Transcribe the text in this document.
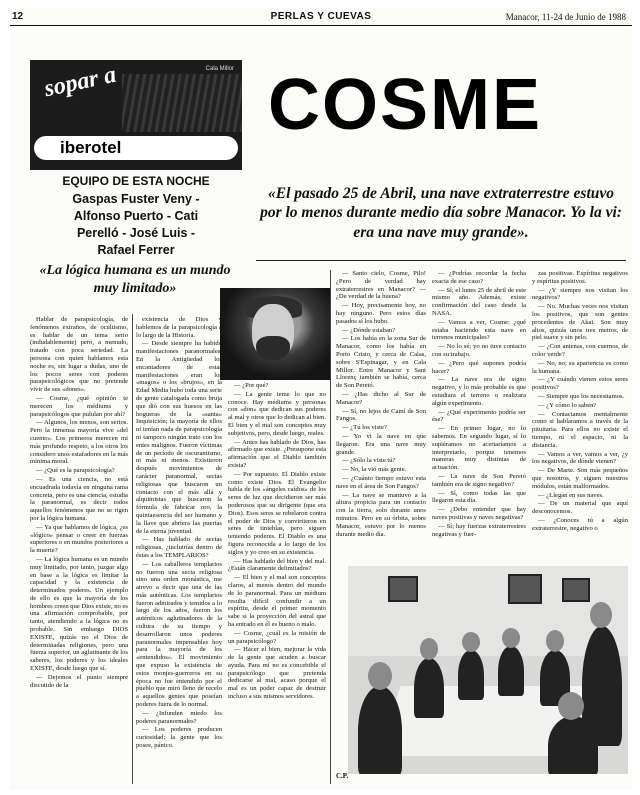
12	PERLAS Y CUEVAS	Manacor, 11-24 de Junio de 1988
Cala Millor
sopar a
iberotel
COSME
EQUIPO DE ESTA NOCHE
Gaspas Fuster Veny -
Alfonso Puerto - Cati
Perelló - José Luis -
Rafael Ferrer
«El pasado 25 de Abril, una nave extraterrestre estuvo por lo menos durante medio día sobre Manacor. Yo la vi: era una nave muy grande».
«La lógica humana es un mundo muy limitado»

Hablar de parapsicología, de fenómenos extraños, de ocultismo, es hablar de un tema serio (indudablemente) pero, a menudo, tratado con poca seriedad. La persona con quien hablamos esta noche es, sin lugar a dudas, uno de los pocos seres con poderes parapsicológicos que no pretende vivir de sus «dones».

— Cosme, ¿qué opinión te merecen los médiums y parapsicólogos que pululan por ahí?

— Algunos, los menos, son serios. Pero la inmensa mayoría vive «del cuento». Los primeros merecen mi más profundo respeto, a los otros los considero unos estafadores en la más mínima moral.

— ¿Qué es la parapsicología?

— Es una ciencia, no está encuadrada todavía en ninguna rama concreta, pero es una ciencia, estudia la paranormal, es decir todos aquellos fenómenos que no se rigen por la lógica humana.

— Ya que hablamos de lógica, ¿es «lógico» pensar o creer en fuerzas superiores o en mundos posteriores a la muerte?

— La lógica humana es un mundo muy limitado, por tanto, juzgar algo en base a la lógica es limitar la capacidad y la existencia de determinados poderes. Un ejemplo de ello es que la mayoría de los hombres creen que Dios existe, no es una afirmación comprobable, por tanto, atendiendo a la lógica no es probable. Sin embargo DIOS EXISTE, quizás no el Dios de determinadas religiones, pero una fuerza superior, un aglutinante de los saberes, los poderes y los ideales EXISTE, desde luego que sí.

— Dejemos el punto siempre discutido de la

existencia de Dios y hablemos de la parapsicología a lo largo de la Historia.

— Desde siempre ha habido manifestaciones paranormales. En la Antigüedad los encantadores de estas manifestaciones eran los «magos» o los «brujos», en la Edad Media hubo toda una serie de gente catalogada como bruja que dió con sus huesos en las hogueras de la «santa» Inquisición; la mayoría de ellos ni tenían nada de parapsicología ni tampoco ningún trato con los entes malignos. Fueron víctimas de un período de oscurantismo, ni más ni menos. Existieron después movimientos de carácter paranormal, sectas religiosas que buscaron un contacto con el más allá y alquimistas que buscaron la fórmula de fabricar oro, la quintaesencia del ser humano y la llave que abriera las puertas de la eterna juventud.

— Has hablado de sectas religiosas, ¿incluirías dentro de éstas a los TEMPLARIOS?

— Los caballeros templarios no fueron una secta religiosa sino una orden monástica, me atrevo a decir que una de las más auténticas. Los templarios fueron admirados y temidos a lo largo de los años, fueron los auténticos aglutinadores de la cultura de su tiempo y desarrollaron unos poderes paranormales impensables hoy para la mayoría de los «entendidos». El movimiento que expuso la existencia de estos monjes-guerreros en su época no fue entendido por el pueblo que miró lleno de recelo a aquellos gentes que poseían poderes fuera de lo normal.

— ¿Infunden miedo los poderes paranormales?

— Los poderes producen curiosidad; la gente que los posee, pánico.

— ¿Por qué?

— La gente teme lo que no conoce. Hay médiums y personas con «don» que dedican sus poderes al mal y otros que lo dedican al bien. El bien y el mal son conceptos muy subjetivos, pero, desde luego, reales.

— Antes has hablado de Dios, has afirmado que existe. ¿Presupone esta afirmación que el Diablo también exista?

— Por supuesto. El Diablo existe como existe Dios. El Evangelio habla de los «ángeles caídos» de los seres de luz que decidieron ser más poderosos que su dirigente (que era Dios). Esos seres se rebelaron contra el poder de Dios y convirtieron en seres de tinieblas, pero siguen teniendo poderes. El Diablo es una figura reconocida a lo largo de los siglos y yo creo en su existencia.

— Has hablado del bien y del mal. ¿Están claramente delimitados?

— El bien y el mal son conceptos claros, al menos dentro del mundo de lo paranormal. Para un médium resulta difícil confundir a un espíritu, desde el primer momento sabe si la proyección del astral que ha entrado en él es bueno o malo.

— Cosme, ¿cuál es la misión de un parapsicólogo?

— Hacer el bien, mejorar la vida de la gente que acuden a buscar ayuda. Para mí no es concebible el parapsicólogo que pretenda dedicarse al mal, acaso porque el mal es un poder capaz de destruir incluso a sus mismos servidores.

— Santo cielo, Cosme, Pilo! ¿Pero de verdad hay extraterrestres en Manacor? — ¿De verdad de la buena?

— Hoy, precisamente hoy, no hay ninguno. Pero estos días pasados sí los hubo.

— ¿Dónde estaban?

— Los había en la zona Sur de Manacor, como los había en Porto Cristo, y cerca de Calas, sobre S'Espinagar, y en Cala Millor. Entre Manacor y Sant Llorenç también se había, cerca de Son Peretó.

— ¿Has dicho al Sur de Manacor?

— Sí, no lejos de Camí de Son Fangos.

— ¿Tú los viste?

— Yo vi la nave en que llegaron. Era una nave muy grande.

— ¿Sólo la viste tú?

— No, la vió más gente.

— ¿Cuánto tiempo estuvo esta nave en el área de Son Fangos?

— La nave se mantuvo a la altura propicia para un contacto con la tierra, solo durante unos minutos. Pero en su órbita, sobre Manacor, estuvo por lo menos durante medio día.

— ¿Podrías recordar la fecha exacta de ese caso?

— Sí; el lunes 25 de abril de este mismo año. Además, existe confirmación del caso desde la NASA.

— Vamos a ver, Cosme: ¿qué estaba haciendo esta nave en terrenos municipales?

— No lo sé; yo no tuve contacto con su trabajo.

— ¿Pero qué supones podría hacer?

— La nave era de signo negativo, y lo más probable es que estudiara el terreno o realizara algún experimento.

— ¿Qué experimento podría ser ése?

— En primer lugar, no lo sabemos. En segundo lugar, sí lo supiéramos no acertaríamos a interpretarlo, porque tenemos maneras muy distintas de actuación.

— La nave de Son Peretó también era de signo negativo?

— Sí, como todas las que llegaron esta día.

— ¿Debo entender que hay naves positivas y naves negativas?

— Sí; hay fuerzas extraterrestres negativas y fuer-

zas positivas. Espíritus negativos y espíritus positivos.

— ¿Y siempre nos visitan los negativos?

— No. Muchas veces nos visitan los positivos, que son gentes procedentes de Akai. Son muy altos, quizás unos tres metros, de piel suave y sin pelo.

— ¿Con antenas, con cuernos, de color verde?

— No, no; su apariencia es como la humana.

— ¿Y cuándo vienen estos seres positivos?

— Siempre que los necesitamos.

— ¿Y cómo lo saben?

— Contactamos mentalmente como si hablaramos a través de la pituitaria. Para ellos no existe el tiempo, ni el espacio, ni la distancia.

— Vamos a ver, vamos a ver, ¿y los negativos, de dónde vienen?

— De Marte. Son más pequeños que nosotros, y siguen nuestros módulos, están malformados.

— ¿Llegan en sus naves.

— De un material que aquí desconocemos.

— ¿Conoces tú a algún extraterrestre, negativo o

C.P.
